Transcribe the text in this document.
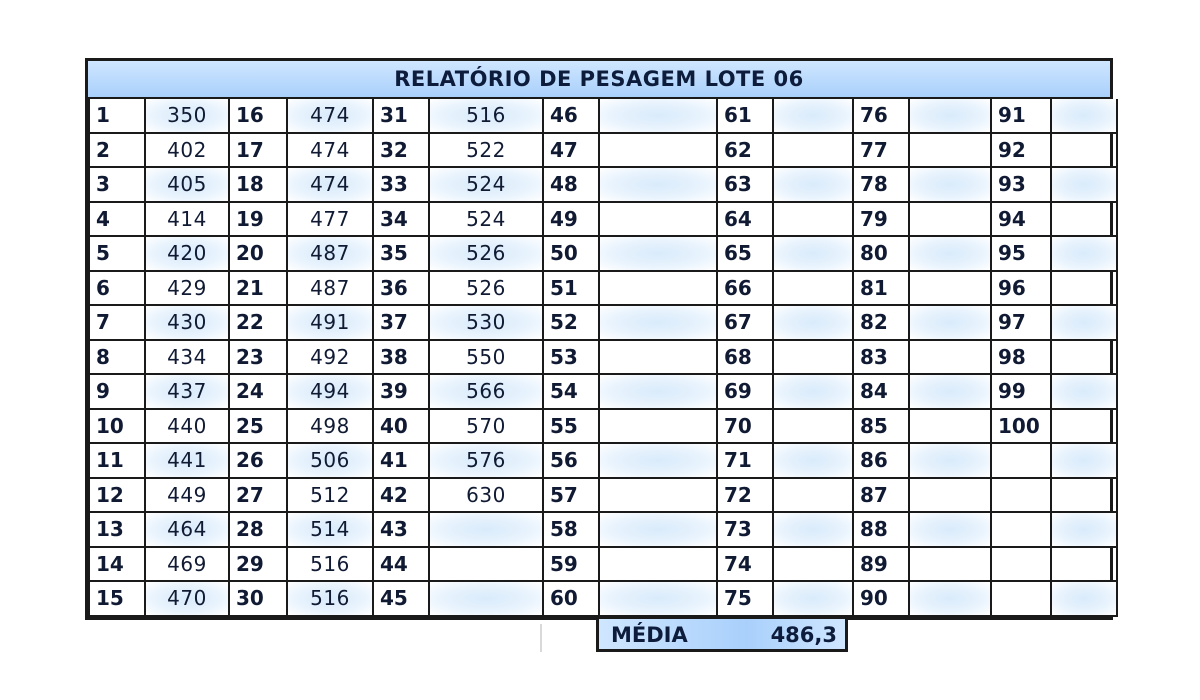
RELATÓRIO DE PESAGEM LOTE 06
1	350	16	474	31	516	46		61		76		91	
2	402	17	474	32	522	47		62		77		92	
3	405	18	474	33	524	48		63		78		93	
4	414	19	477	34	524	49		64		79		94	
5	420	20	487	35	526	50		65		80		95	
6	429	21	487	36	526	51		66		81		96	
7	430	22	491	37	530	52		67		82		97	
8	434	23	492	38	550	53		68		83		98	
9	437	24	494	39	566	54		69		84		99	
10	440	25	498	40	570	55		70		85		100	
11	441	26	506	41	576	56		71		86			
12	449	27	512	42	630	57		72		87			
13	464	28	514	43		58		73		88			
14	469	29	516	44		59		74		89			
15	470	30	516	45		60		75		90			
MÉDIA	486,3
